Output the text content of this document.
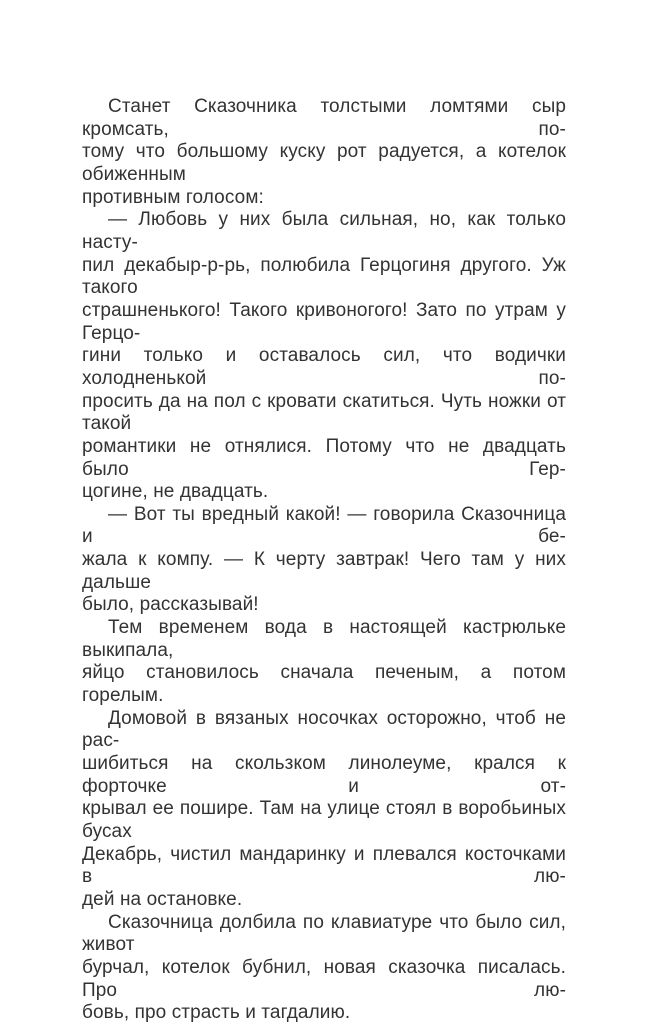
Станет Сказочника толстыми ломтями сыр кромсать, по-
тому что большому куску рот радуется, а котелок обиженным
противным голосом:

— Любовь у них была сильная, но, как только насту-
пил декабыр-р-рь, полюбила Герцогиня другого. Уж такого
страшненького! Такого кривоногого! Зато по утрам у Герцо-
гини только и оставалось сил, что водички холодненькой по-
просить да на пол с кровати скатиться. Чуть ножки от такой
романтики не отнялися. Потому что не двадцать было Гер-
цогине, не двадцать.

— Вот ты вредный какой! — говорила Сказочница и бе-
жала к компу. — К черту завтрак! Чего там у них дальше
было, рассказывай!

Тем временем вода в настоящей кастрюльке выкипала,
яйцо становилось сначала печеным, а потом горелым.

Домовой в вязаных носочках осторожно, чтоб не рас-
шибиться на скользком линолеуме, крался к форточке и от-
крывал ее пошире. Там на улице стоял в воробьиных бусах
Декабрь, чистил мандаринку и плевался косточками в лю-
дей на остановке.

Сказочница долбила по клавиатуре что было сил, живот
бурчал, котелок бубнил, новая сказочка писалась. Про лю-
бовь, про страсть и тагдалию.
